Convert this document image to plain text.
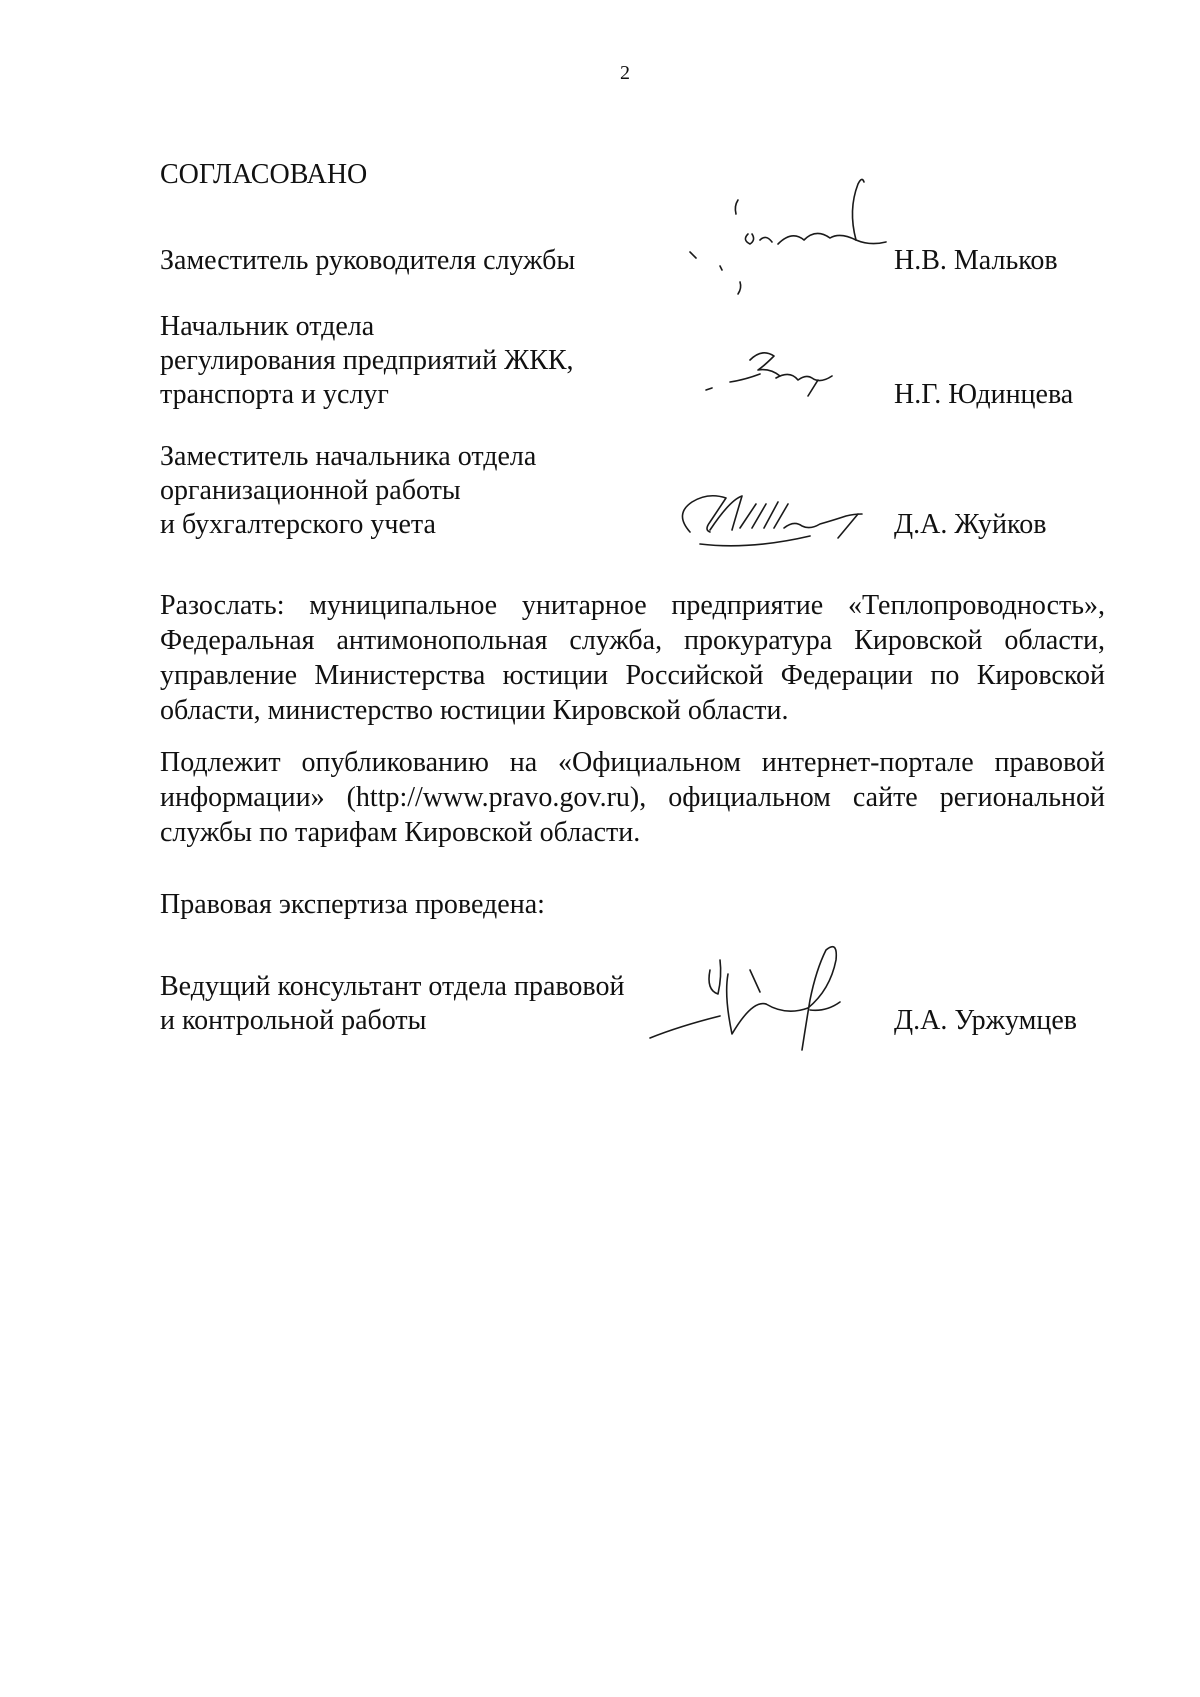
2
СОГЛАСОВАНО
Заместитель руководителя службы	Н.В. Мальков
Начальник отдела
регулирования предприятий ЖКК,
транспорта и услуг	Н.Г. Юдинцева
Заместитель начальника отдела
организационной работы
и бухгалтерского учета	Д.А. Жуйков
Разослать: муниципальное унитарное предприятие «Теплопроводность», Федеральная антимонопольная служба, прокуратура Кировской области, управление Министерства юстиции Российской Федерации по Кировской области, министерство юстиции Кировской области.
Подлежит опубликованию на «Официальном интернет-портале правовой информации» (http://www.pravo.gov.ru), официальном сайте региональной службы по тарифам Кировской области.
Правовая экспертиза проведена:
Ведущий консультант отдела правовой
и контрольной работы	Д.А. Уржумцев
